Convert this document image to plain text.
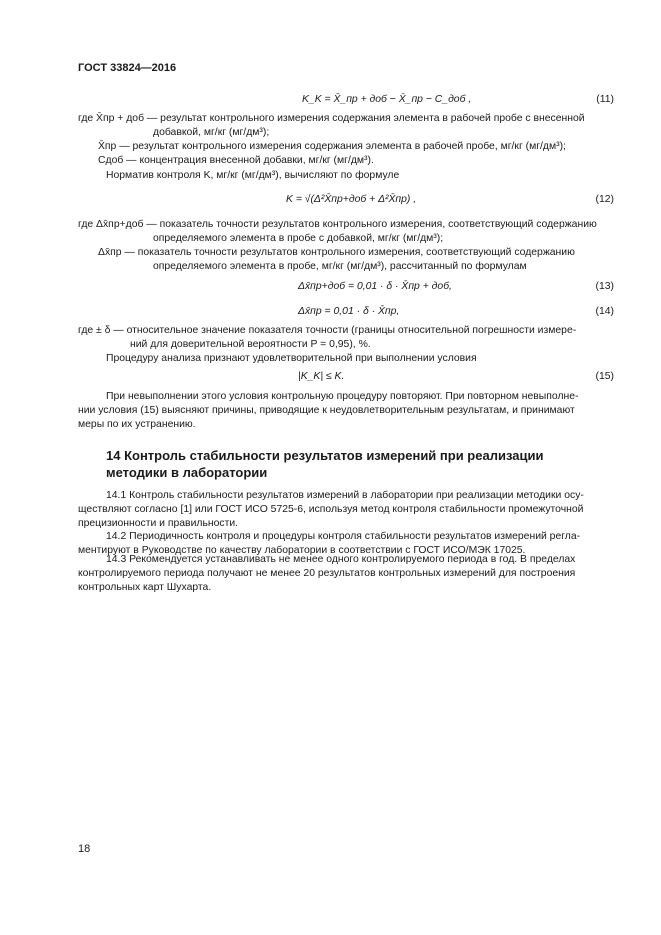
ГОСТ 33824—2016
K_K = X̄_пр + доб − X̄_пр − C_доб ,	(11)
где X̄пр + доб — результат контрольного измерения содержания элемента в рабочей пробе с внесенной
добавкой, мг/кг (мг/дм³);
X̄пр — результат контрольного измерения содержания элемента в рабочей пробе, мг/кг (мг/дм³);
Cдоб — концентрация внесенной добавки, мг/кг (мг/дм³).
Норматив контроля K, мг/кг (мг/дм³), вычисляют по формуле
K = √(Δ²X̄пр+доб + Δ²X̄пр) ,	(12)
где Δx̄пр+доб — показатель точности результатов контрольного измерения, соответствующий содержанию
определяемого элемента в пробе с добавкой, мг/кг (мг/дм³);
Δx̄пр — показатель точности результатов контрольного измерения, соответствующий содержанию
определяемого элемента в пробе, мг/кг (мг/дм³), рассчитанный по формулам
Δx̄пр+доб = 0,01 · δ · X̄пр + доб,	(13)
Δx̄пр = 0,01 · δ · X̄пр,	(14)
где ± δ — относительное значение показателя точности (границы относительной погрешности измере-
ний для доверительной вероятности P = 0,95), %.
Процедуру анализа признают удовлетворительной при выполнении условия
|K_K| ≤ K.	(15)
При невыполнении этого условия контрольную процедуру повторяют. При повторном невыполне-
нии условия (15) выясняют причины, приводящие к неудовлетворительным результатам, и принимают
меры по их устранению.
14 Контроль стабильности результатов измерений при реализации
методики в лаборатории
14.1 Контроль стабильности результатов измерений в лаборатории при реализации методики осу-
ществляют согласно [1] или ГОСТ ИСО 5725-6, используя метод контроля стабильности промежуточной
прецизионности и правильности.
14.2 Периодичность контроля и процедуры контроля стабильности результатов измерений регла-
ментируют в Руководстве по качеству лаборатории в соответствии с ГОСТ ИСО/МЭК 17025.
14.3 Рекомендуется устанавливать не менее одного контролируемого периода в год. В пределах
контролируемого периода получают не менее 20 результатов контрольных измерений для построения
контрольных карт Шухарта.
18
